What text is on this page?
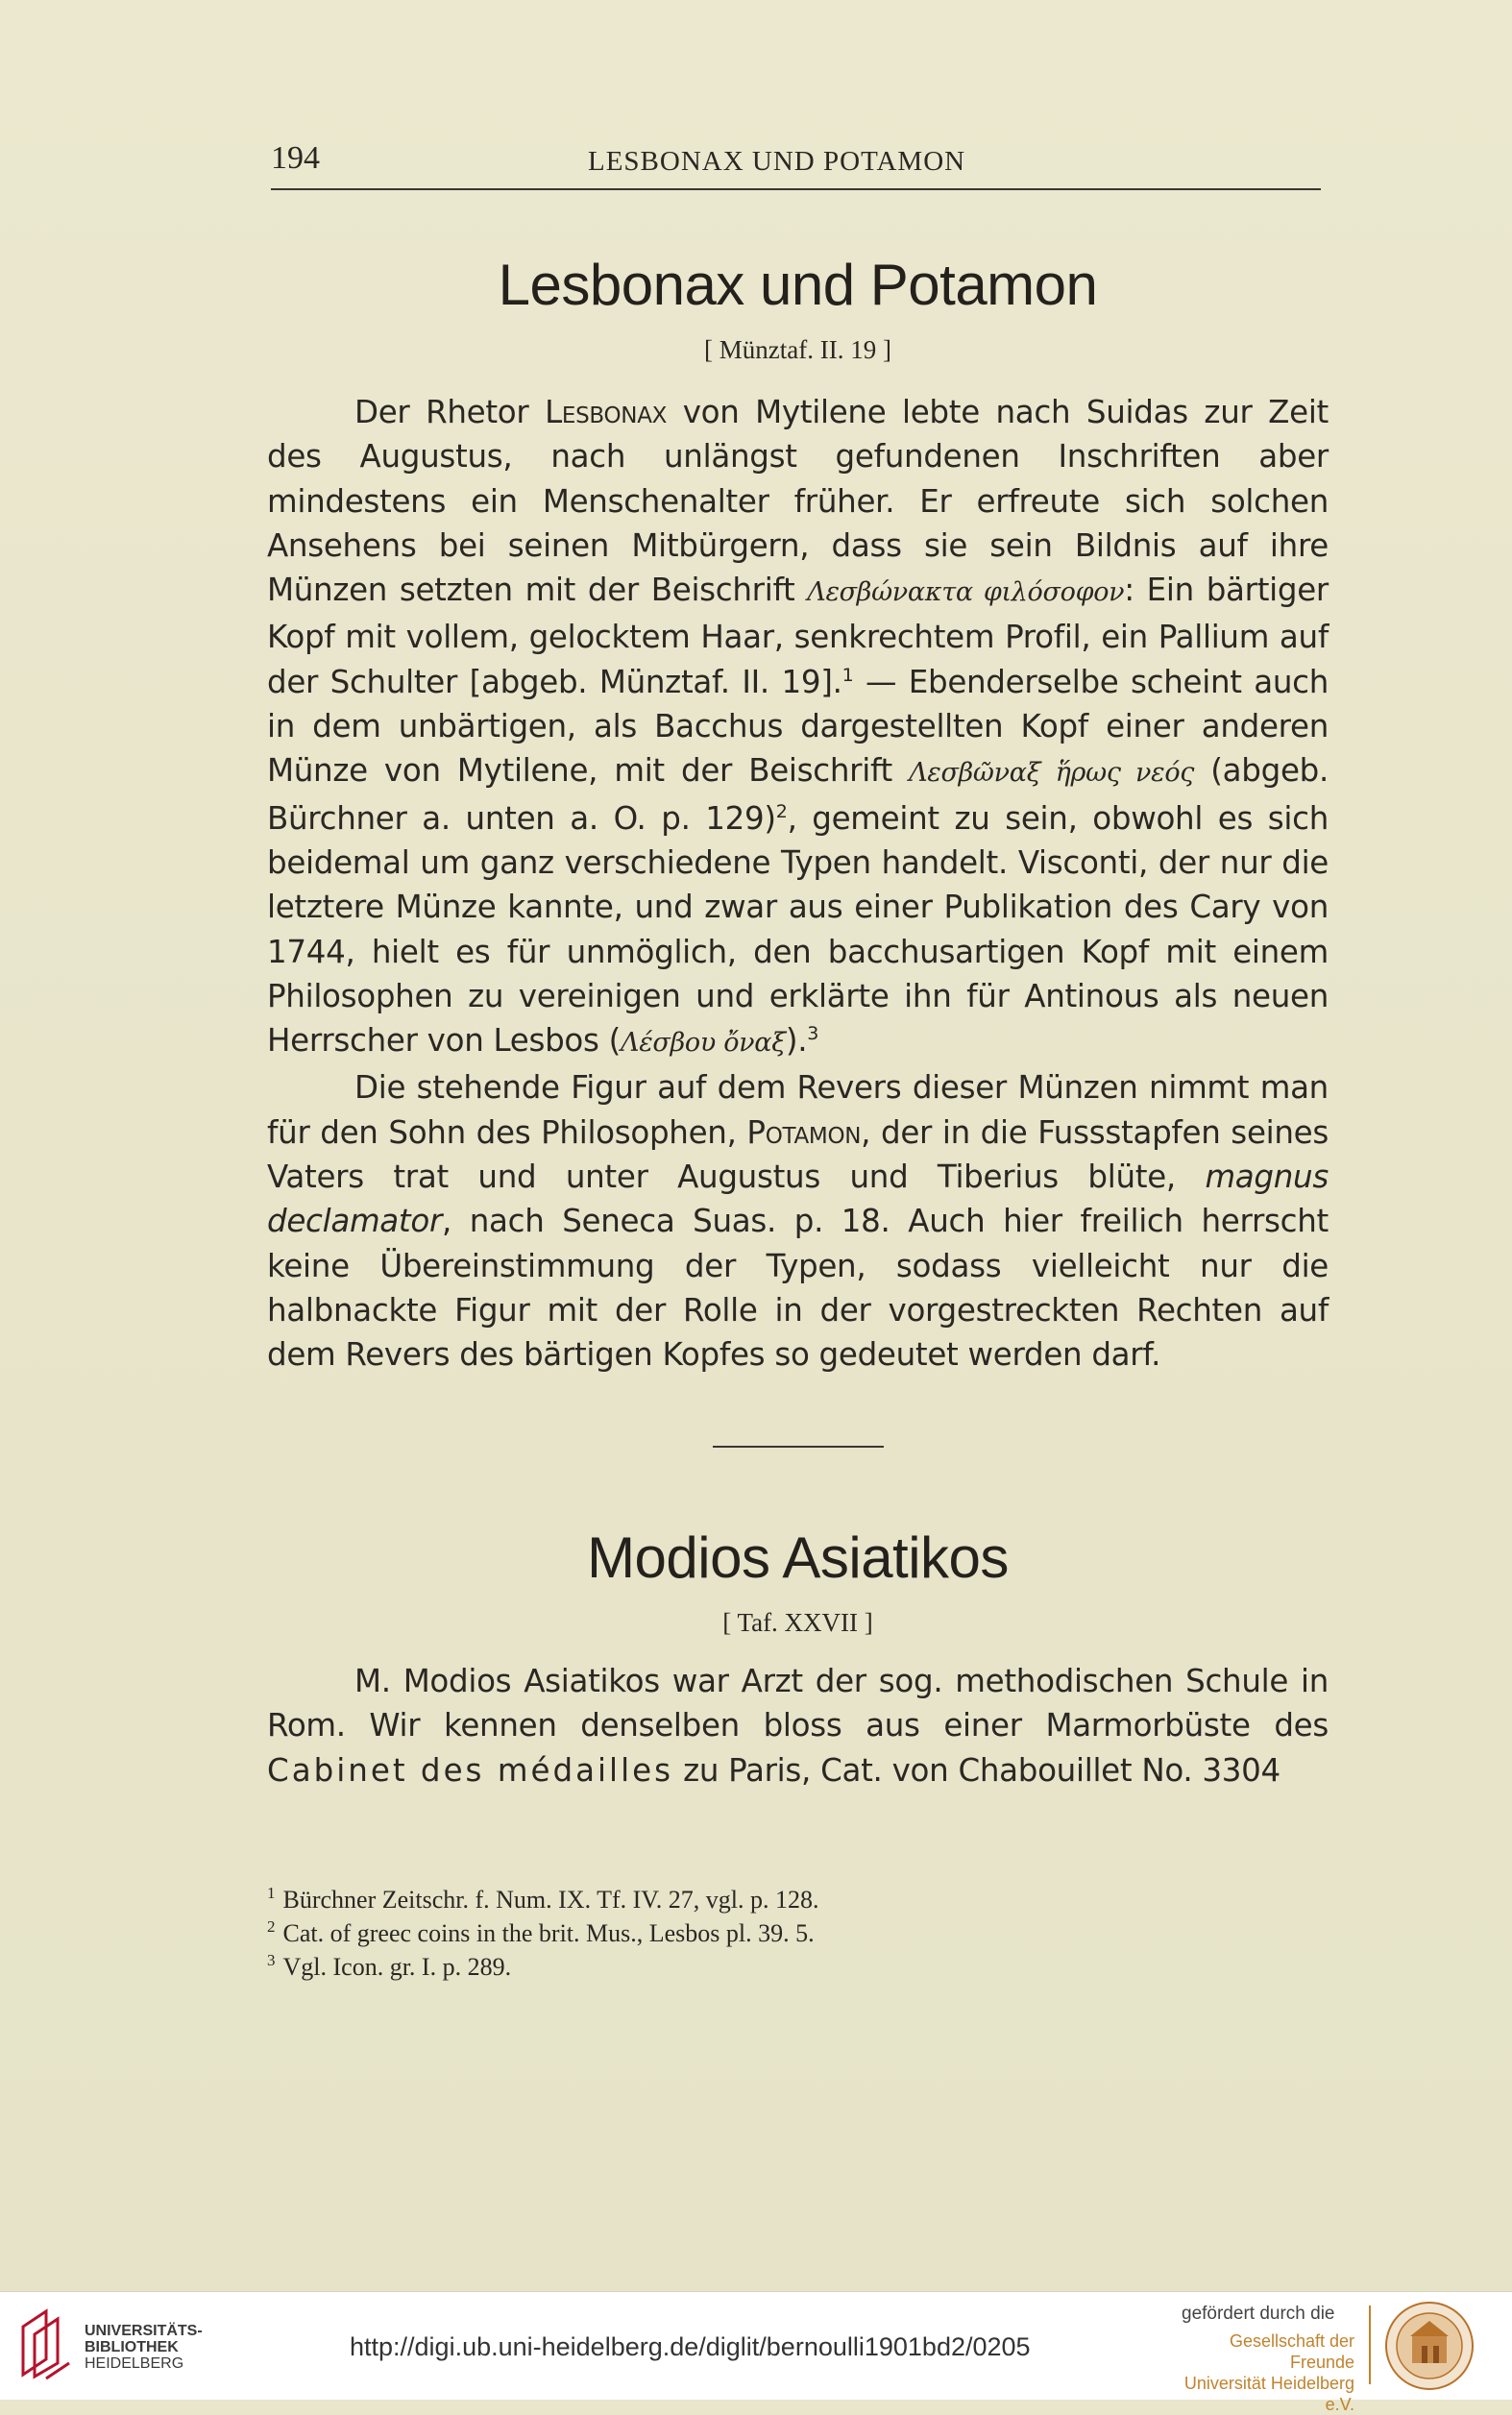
194	LESBONAX UND POTAMON
Lesbonax und Potamon
[ Münztaf. II. 19 ]

Der Rhetor Lesbonax von Mytilene lebte nach Suidas zur Zeit des Augustus, nach unlängst gefundenen Inschriften aber mindestens ein Menschenalter früher. Er erfreute sich solchen Ansehens bei seinen Mitbürgern, dass sie sein Bildnis auf ihre Münzen setzten mit der Beischrift Λεσβώνακτα φιλόσοφον: Ein bärtiger Kopf mit vollem, gelocktem Haar, senkrechtem Profil, ein Pallium auf der Schulter [abgeb. Münztaf. II. 19].$^1$ — Ebenderselbe scheint auch in dem unbärtigen, als Bacchus dargestellten Kopf einer anderen Münze von Mytilene, mit der Beischrift Λεσβῶναξ ἥρως νεός (abgeb. Bürchner a. unten a. O. p. 129)$^2$, gemeint zu sein, obwohl es sich beidemal um ganz verschiedene Typen handelt. Visconti, der nur die letztere Münze kannte, und zwar aus einer Publikation des Cary von 1744, hielt es für unmöglich, den bacchusartigen Kopf mit einem Philosophen zu vereinigen und erklärte ihn für Antinous als neuen Herrscher von Lesbos (Λέσβου ὄναξ).$^3$

Die stehende Figur auf dem Revers dieser Münzen nimmt man für den Sohn des Philosophen, Potamon, der in die Fussstapfen seines Vaters trat und unter Augustus und Tiberius blüte, magnus declamator, nach Seneca Suas. p. 18. Auch hier freilich herrscht keine Übereinstimmung der Typen, sodass vielleicht nur die halbnackte Figur mit der Rolle in der vorgestreckten Rechten auf dem Revers des bärtigen Kopfes so gedeutet werden darf.

Modios Asiatikos
[ Taf. XXVII ]

M. Modios Asiatikos war Arzt der sog. methodischen Schule in Rom. Wir kennen denselben bloss aus einer Marmorbüste des Cabinet des médailles zu Paris, Cat. von Chabouillet No. 3304

$^1$ Bürchner Zeitschr. f. Num. IX. Tf. IV. 27, vgl. p. 128.
$^2$ Cat. of greec coins in the brit. Mus., Lesbos pl. 39. 5.
$^3$ Vgl. Icon. gr. I. p. 289.
UNIVERSITÄTS-
BIBLIOTHEK
HEIDELBERG
http://digi.ub.uni-heidelberg.de/diglit/bernoulli1901bd2/0205
gefördert durch die
Gesellschaft der Freunde
Universität Heidelberg e.V.
